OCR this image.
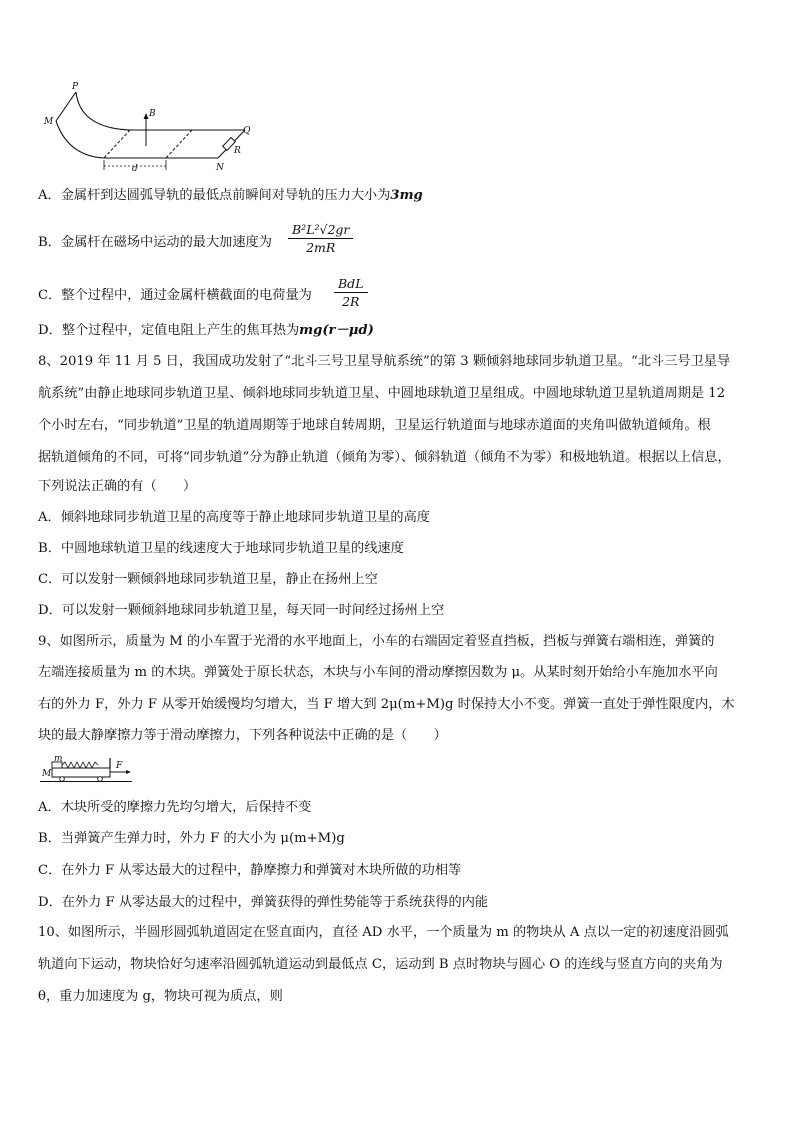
P
M
B
Q
R
N
d
A．金属杆到达圆弧导轨的最低点前瞬间对导轨的压力大小为3mg
B．金属杆在磁场中运动的最大加速度为	$\frac{\text{B²L²√2gr}}{2mR}$
C．整个过程中，通过金属杆横截面的电荷量为
BdL
2R
D．整个过程中，定值电阻上产生的焦耳热为mg(r－μd)
8、2019 年 11 月 5 日，我国成功发射了“北斗三号卫星导航系统”的第 3 颗倾斜地球同步轨道卫星。“北斗三号卫星导
航系统”由静止地球同步轨道卫星、倾斜地球同步轨道卫星、中圆地球轨道卫星组成。中圆地球轨道卫星轨道周期是 12
个小时左右，“同步轨道”卫星的轨道周期等于地球自转周期，卫星运行轨道面与地球赤道面的夹角叫做轨道倾角。根
据轨道倾角的不同，可将“同步轨道”分为静止轨道（倾角为零）、倾斜轨道（倾角不为零）和极地轨道。根据以上信息，
下列说法正确的有（　　）
A．倾斜地球同步轨道卫星的高度等于静止地球同步轨道卫星的高度
B．中圆地球轨道卫星的线速度大于地球同步轨道卫星的线速度
C．可以发射一颗倾斜地球同步轨道卫星，静止在扬州上空
D．可以发射一颗倾斜地球同步轨道卫星，每天同一时间经过扬州上空
9、如图所示，质量为 M 的小车置于光滑的水平地面上，小车的右端固定着竖直挡板，挡板与弹簧右端相连，弹簧的
左端连接质量为 m 的木块。弹簧处于原长状态，木块与小车间的滑动摩擦因数为 μ。从某时刻开始给小车施加水平向
右的外力 F，外力 F 从零开始缓慢均匀增大，当 F 增大到 2μ(m+M)g 时保持大小不变。弹簧一直处于弹性限度内，木
块的最大静摩擦力等于滑动摩擦力，下列各种说法中正确的是（　　）
M
m
F
A．木块所受的摩擦力先均匀增大，后保持不变
B．当弹簧产生弹力时，外力 F 的大小为 μ(m+M)g
C．在外力 F 从零达最大的过程中，静摩擦力和弹簧对木块所做的功相等
D．在外力 F 从零达最大的过程中，弹簧获得的弹性势能等于系统获得的内能
10、如图所示，半圆形圆弧轨道固定在竖直面内，直径 AD 水平，一个质量为 m 的物块从 A 点以一定的初速度沿圆弧
轨道向下运动，物块恰好匀速率沿圆弧轨道运动到最低点 C，运动到 B 点时物块与圆心 O 的连线与竖直方向的夹角为
θ，重力加速度为 g，物块可视为质点，则
